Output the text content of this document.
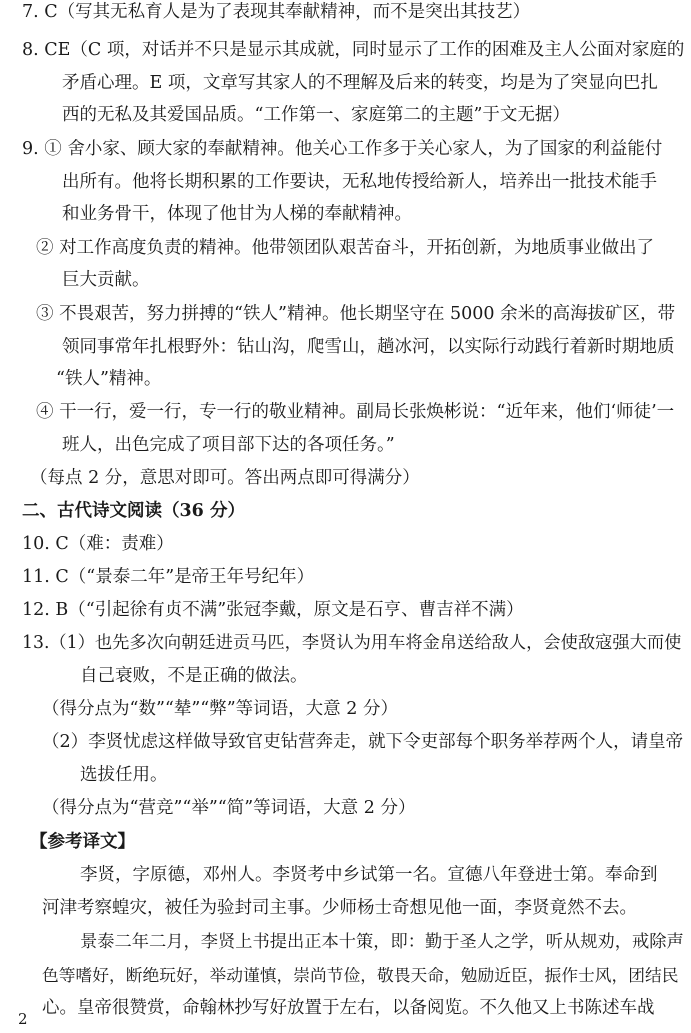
7. C（写其无私育人是为了表现其奉献精神，而不是突出其技艺）
8. CE（C 项，对话并不只是显示其成就，同时显示了工作的困难及主人公面对家庭的
矛盾心理。E 项，文章写其家人的不理解及后来的转变，均是为了突显向巴扎
西的无私及其爱国品质。“工作第一、家庭第二的主题”于文无据）
9. ① 舍小家、顾大家的奉献精神。他关心工作多于关心家人，为了国家的利益能付
出所有。他将长期积累的工作要诀，无私地传授给新人，培养出一批技术能手
和业务骨干，体现了他甘为人梯的奉献精神。
② 对工作高度负责的精神。他带领团队艰苦奋斗，开拓创新，为地质事业做出了
巨大贡献。
③ 不畏艰苦，努力拼搏的“铁人”精神。他长期坚守在 5000 余米的高海拔矿区，带
领同事常年扎根野外：钻山沟，爬雪山，趟冰河，以实际行动践行着新时期地质
“铁人”精神。
④ 干一行，爱一行，专一行的敬业精神。副局长张焕彬说：“近年来，他们‘师徒’一
班人，出色完成了项目部下达的各项任务。”
（每点 2 分，意思对即可。答出两点即可得满分）
二、古代诗文阅读（36 分）
10. C（难：责难）
11. C（“景泰二年”是帝王年号纪年）
12. B（“引起徐有贞不满”张冠李戴，原文是石亨、曹吉祥不满）
13.（1）也先多次向朝廷进贡马匹，李贤认为用车将金帛送给敌人，会使敌寇强大而使
自己衰败，不是正确的做法。
（得分点为“数”“辇”“弊”等词语，大意 2 分）
（2）李贤忧虑这样做导致官吏钻营奔走，就下令吏部每个职务举荐两个人，请皇帝
选拔任用。
（得分点为“营竞”“举”“简”等词语，大意 2 分）
【参考译文】
李贤，字原德，邓州人。李贤考中乡试第一名。宣德八年登进士第。奉命到
河津考察蝗灾，被任为验封司主事。少师杨士奇想见他一面，李贤竟然不去。
景泰二年二月，李贤上书提出正本十策，即：勤于圣人之学，听从规劝，戒除声
色等嗜好，断绝玩好，举动谨慎，崇尚节俭，敬畏天命，勉励近臣，振作士风，团结民
心。皇帝很赞赏，命翰林抄写好放置于左右，以备阅览。不久他又上书陈述车战
2
